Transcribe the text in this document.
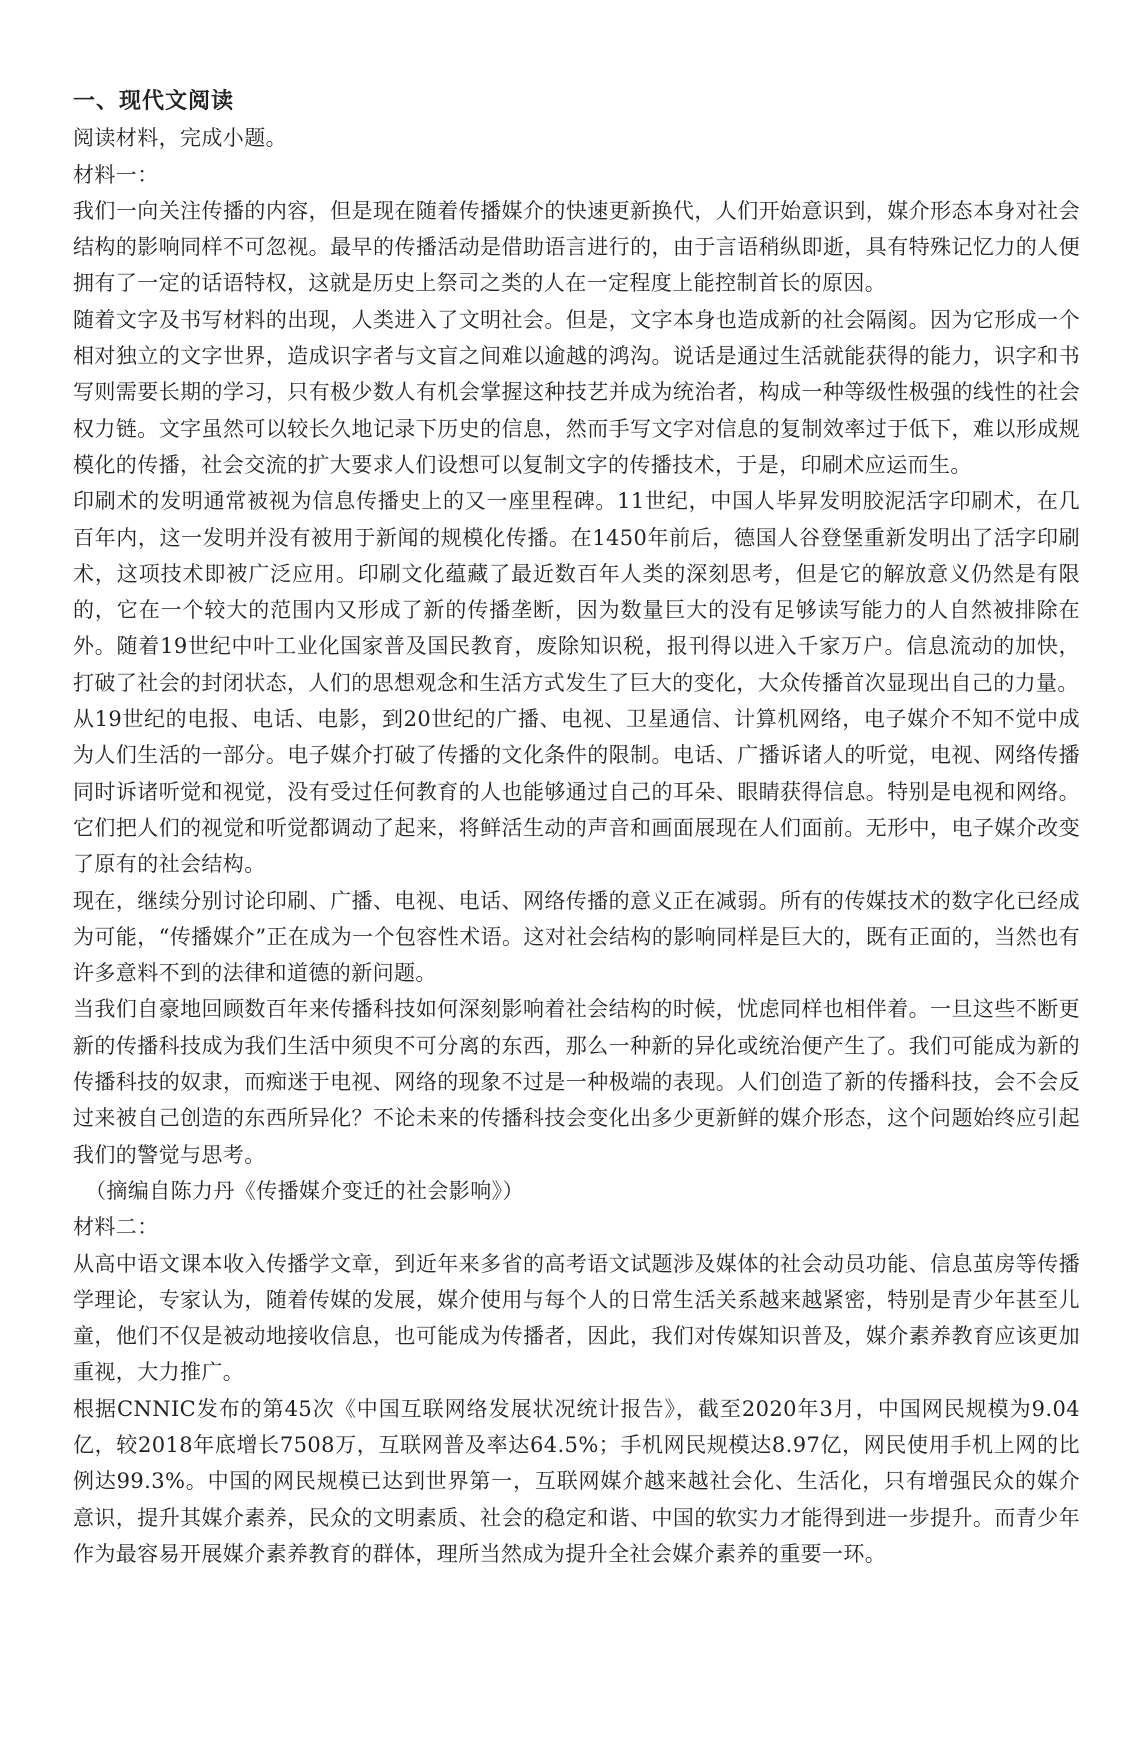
一、现代文阅读

阅读材料，完成小题。

材料一：

我们一向关注传播的内容，但是现在随着传播媒介的快速更新换代，人们开始意识到，媒介形态本身对社会结构的影响同样不可忽视。最早的传播活动是借助语言进行的，由于言语稍纵即逝，具有特殊记忆力的人便拥有了一定的话语特权，这就是历史上祭司之类的人在一定程度上能控制首长的原因。

随着文字及书写材料的出现，人类进入了文明社会。但是，文字本身也造成新的社会隔阂。因为它形成一个相对独立的文字世界，造成识字者与文盲之间难以逾越的鸿沟。说话是通过生活就能获得的能力，识字和书写则需要长期的学习，只有极少数人有机会掌握这种技艺并成为统治者，构成一种等级性极强的线性的社会权力链。文字虽然可以较长久地记录下历史的信息，然而手写文字对信息的复制效率过于低下，难以形成规模化的传播，社会交流的扩大要求人们设想可以复制文字的传播技术，于是，印刷术应运而生。

印刷术的发明通常被视为信息传播史上的又一座里程碑。11世纪，中国人毕昇发明胶泥活字印刷术，在几百年内，这一发明并没有被用于新闻的规模化传播。在1450年前后，德国人谷登堡重新发明出了活字印刷术，这项技术即被广泛应用。印刷文化蕴藏了最近数百年人类的深刻思考，但是它的解放意义仍然是有限的，它在一个较大的范围内又形成了新的传播垄断，因为数量巨大的没有足够读写能力的人自然被排除在外。随着19世纪中叶工业化国家普及国民教育，废除知识税，报刊得以进入千家万户。信息流动的加快，打破了社会的封闭状态，人们的思想观念和生活方式发生了巨大的变化，大众传播首次显现出自己的力量。

从19世纪的电报、电话、电影，到20世纪的广播、电视、卫星通信、计算机网络，电子媒介不知不觉中成为人们生活的一部分。电子媒介打破了传播的文化条件的限制。电话、广播诉诸人的听觉，电视、网络传播同时诉诸听觉和视觉，没有受过任何教育的人也能够通过自己的耳朵、眼睛获得信息。特别是电视和网络。它们把人们的视觉和听觉都调动了起来，将鲜活生动的声音和画面展现在人们面前。无形中，电子媒介改变了原有的社会结构。

现在，继续分别讨论印刷、广播、电视、电话、网络传播的意义正在减弱。所有的传媒技术的数字化已经成为可能，“传播媒介”正在成为一个包容性术语。这对社会结构的影响同样是巨大的，既有正面的，当然也有许多意料不到的法律和道德的新问题。

当我们自豪地回顾数百年来传播科技如何深刻影响着社会结构的时候，忧虑同样也相伴着。一旦这些不断更新的传播科技成为我们生活中须臾不可分离的东西，那么一种新的异化或统治便产生了。我们可能成为新的传播科技的奴隶，而痴迷于电视、网络的现象不过是一种极端的表现。人们创造了新的传播科技，会不会反过来被自己创造的东西所异化？不论未来的传播科技会变化出多少更新鲜的媒介形态，这个问题始终应引起我们的警觉与思考。

（摘编自陈力丹《传播媒介变迁的社会影响》）

材料二：

从高中语文课本收入传播学文章，到近年来多省的高考语文试题涉及媒体的社会动员功能、信息茧房等传播学理论，专家认为，随着传媒的发展，媒介使用与每个人的日常生活关系越来越紧密，特别是青少年甚至儿童，他们不仅是被动地接收信息，也可能成为传播者，因此，我们对传媒知识普及，媒介素养教育应该更加重视，大力推广。

根据CNNIC发布的第45次《中国互联网络发展状况统计报告》，截至2020年3月，中国网民规模为9.04亿，较2018年底增长7508万，互联网普及率达64.5%；手机网民规模达8.97亿，网民使用手机上网的比例达99.3%。中国的网民规模已达到世界第一，互联网媒介越来越社会化、生活化，只有增强民众的媒介意识，提升其媒介素养，民众的文明素质、社会的稳定和谐、中国的软实力才能得到进一步提升。而青少年作为最容易开展媒介素养教育的群体，理所当然成为提升全社会媒介素养的重要一环。
